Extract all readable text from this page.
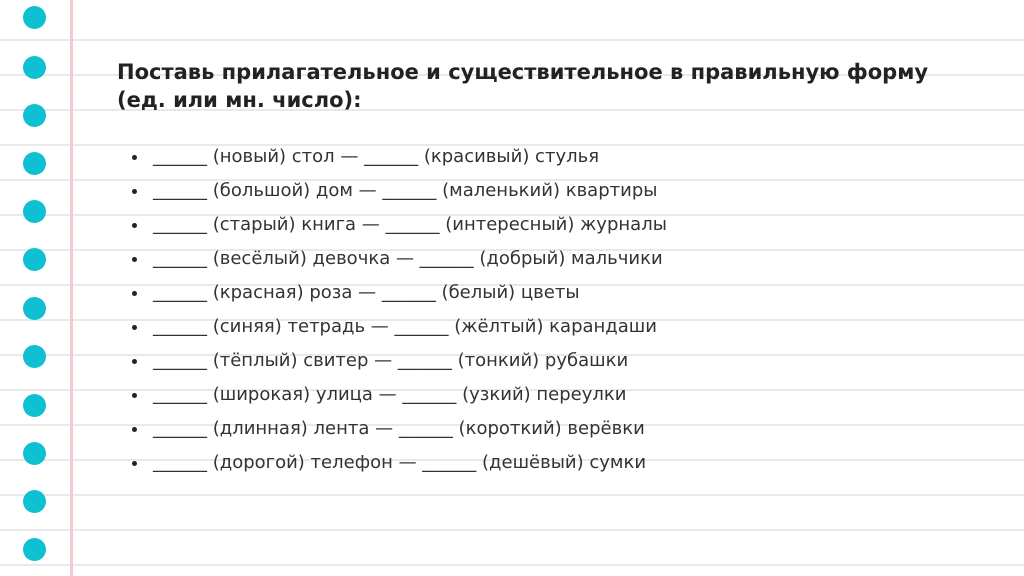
Поставь прилагательное и существительное в правильную форму (ед. или мн. число):
______ (новый) стол — ______ (красивый) стулья
______ (большой) дом — ______ (маленький) квартиры
______ (старый) книга — ______ (интересный) журналы
______ (весёлый) девочка — ______ (добрый) мальчики
______ (красная) роза — ______ (белый) цветы
______ (синяя) тетрадь — ______ (жёлтый) карандаши
______ (тёплый) свитер — ______ (тонкий) рубашки
______ (широкая) улица — ______ (узкий) переулки
______ (длинная) лента — ______ (короткий) верёвки
______ (дорогой) телефон — ______ (дешёвый) сумки
